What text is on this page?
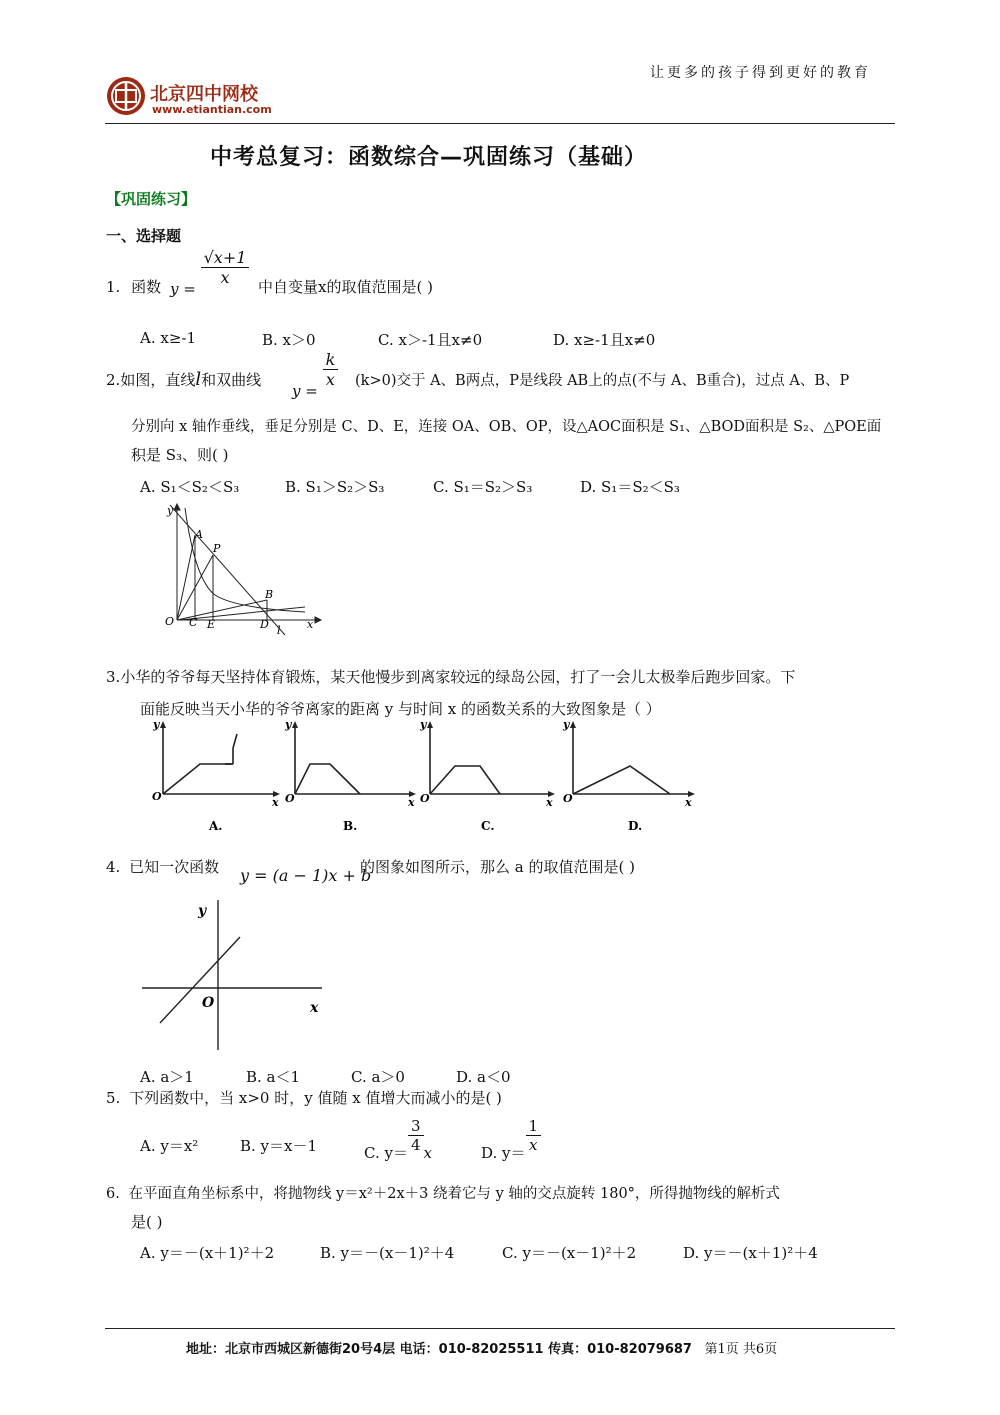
让更多的孩子得到更好的教育
北京四中网校
www.etiantian.com
中考总复习：函数综合—巩固练习（基础）
【巩固练习】
一、选择题
1. 函数 y =
$\frac{√x+1}{x}$ 中自变量x的取值范围是( )
A. x≥-1	B. x＞0	C. x＞-1且x≠0	D. x≥-1且x≠0
2.如图，直线l和双曲线
y =
$\frac{k}{x} (k>0)$交于 A、B两点，P是线段 AB上的点(不与 A、B重合)，过点 A、B、P
分别向 x 轴作垂线，垂足分别是 C、D、E，连接 OA、OB、OP，设△AOC面积是 S₁、△BOD面积是 S₂、△POE面
积是 S₃、则( )
A. S₁＜S₂＜S₃	B. S₁＞S₂＞S₃	C. S₁＝S₂＞S₃	D. S₁＝S₂＜S₃
y
A
P
B
O C E	D l x
3.小华的爷爷每天坚持体育锻炼，某天他慢步到离家较远的绿岛公园，打了一会儿太极拳后跑步回家。下
面能反映当天小华的爷爷离家的距离 y 与时间 x 的函数关系的大致图象是（ ）
y
O	x
y
O	x
y
O	x
y
O	x
A.	B.	C.	D.
4. 已知一次函数 y = (a − 1)x + b
的图象如图所示，那么 a 的取值范围是( )
y
O	x
A. a＞1	B. a＜1	C. a＞0	D. a＜0
5. 下列函数中，当 x>0 时，y 值随 x 值增大而减小的是( )
A. y＝x²	B. y＝x－1	C. $y= \frac{3}{4}$ x	D. $y= \frac{1}{x}$
6. 在平面直角坐标系中，将抛物线 y＝x²＋2x＋3 绕着它与 y 轴的交点旋转 180°，所得抛物线的解析式
是( )
A. y＝－(x＋1)²＋2	B. y＝－(x－1)²＋4	C. y＝－(x－1)²＋2	D. y＝－(x＋1)²＋4
地址：北京市西城区新德街20号4层 电话：010-82025511 传真：010-82079687 第1页 共6页
